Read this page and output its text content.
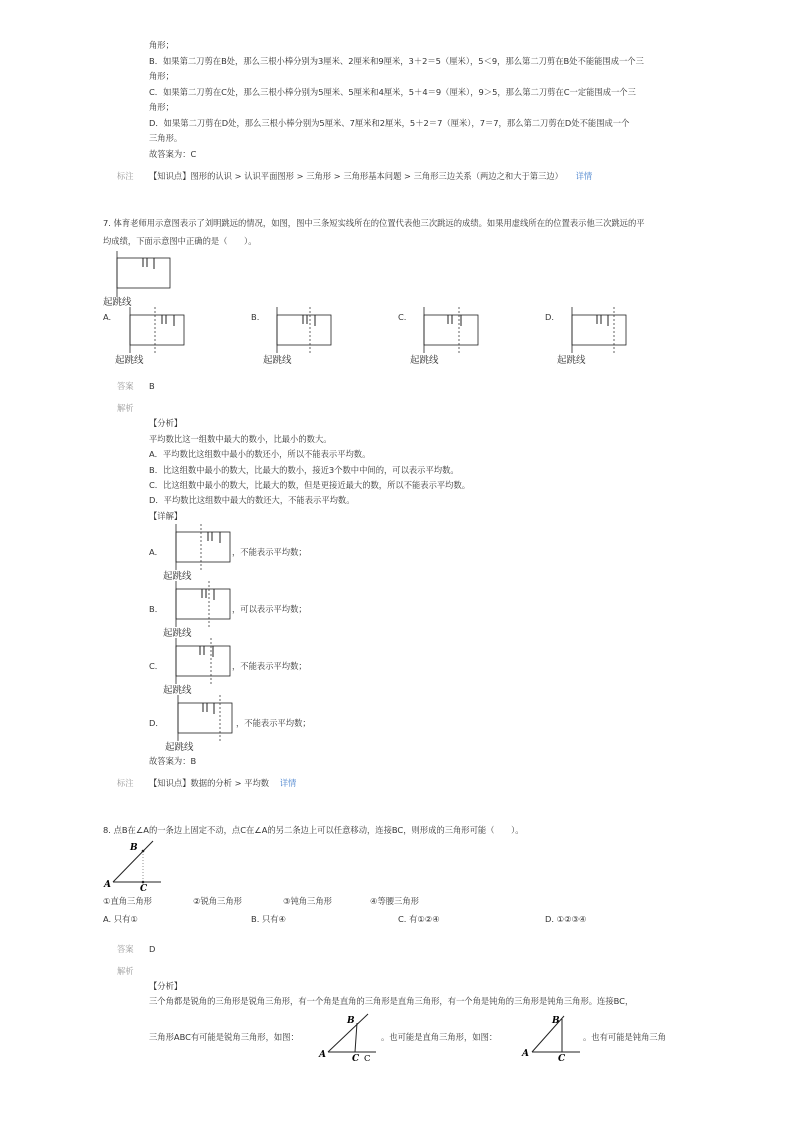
角形；
B．如果第二刀剪在B处，那么三根小棒分别为3厘米、2厘米和9厘米，3＋2＝5（厘米），5＜9，那么第二刀剪在B处不能能围成一个三
角形；
C．如果第二刀剪在C处，那么三根小棒分别为5厘米、5厘米和4厘米，5＋4＝9（厘米），9＞5，那么第二刀剪在C一定能围成一个三
角形；
D．如果第二刀剪在D处，那么三根小棒分别为5厘米、7厘米和2厘米，5＋2＝7（厘米），7＝7，那么第二刀剪在D处不能围成一个
三角形。
故答案为：C
标注 【知识点】图形的认识 > 认识平面图形 > 三角形 > 三角形基本问题 > 三角形三边关系（两边之和大于第三边） 详情
7. 体育老师用示意图表示了刘明跳远的情况，如图，图中三条短实线所在的位置代表他三次跳远的成绩。如果用虚线所在的位置表示他三次跳远的平
均成绩，下面示意图中正确的是（　　）。
起跳线
A.	B.	C.	D.
起跳线	起跳线	起跳线	起跳线
答案 B
解析
【分析】
平均数比这一组数中最大的数小，比最小的数大。
A．平均数比这组数中最小的数还小，所以不能表示平均数。
B．比这组数中最小的数大，比最大的数小，接近3个数中中间的，可以表示平均数。
C．比这组数中最小的数大，比最大的数，但是更接近最大的数，所以不能表示平均数。
D．平均数比这组数中最大的数还大，不能表示平均数。
【详解】
A．	，不能表示平均数；
起跳线
B．	，可以表示平均数；
起跳线
C．	，不能表示平均数；
起跳线
D．	，不能表示平均数；
起跳线
故答案为：B
标注 【知识点】数据的分析 > 平均数 详情
8. 点B在∠A的一条边上固定不动，点C在∠A的另二条边上可以任意移动，连接BC，则形成的三角形可能（　　）。
A
B
C
①直角三角形	②锐角三角形	③钝角三角形	④等腰三角形
A. 只有①	B. 只有④	C. 有①②④	D. ①②③④
答案 D
解析
【分析】
三个角都是锐角的三角形是锐角三角形，有一个角是直角的三角形是直角三角形，有一个角是钝角的三角形是钝角三角形。连接BC，
三角形ABC有可能是锐角三角形，如图：
A
B
C C
。也可能是直角三角形，如图：
A
B
C
。也有可能是钝角三角
